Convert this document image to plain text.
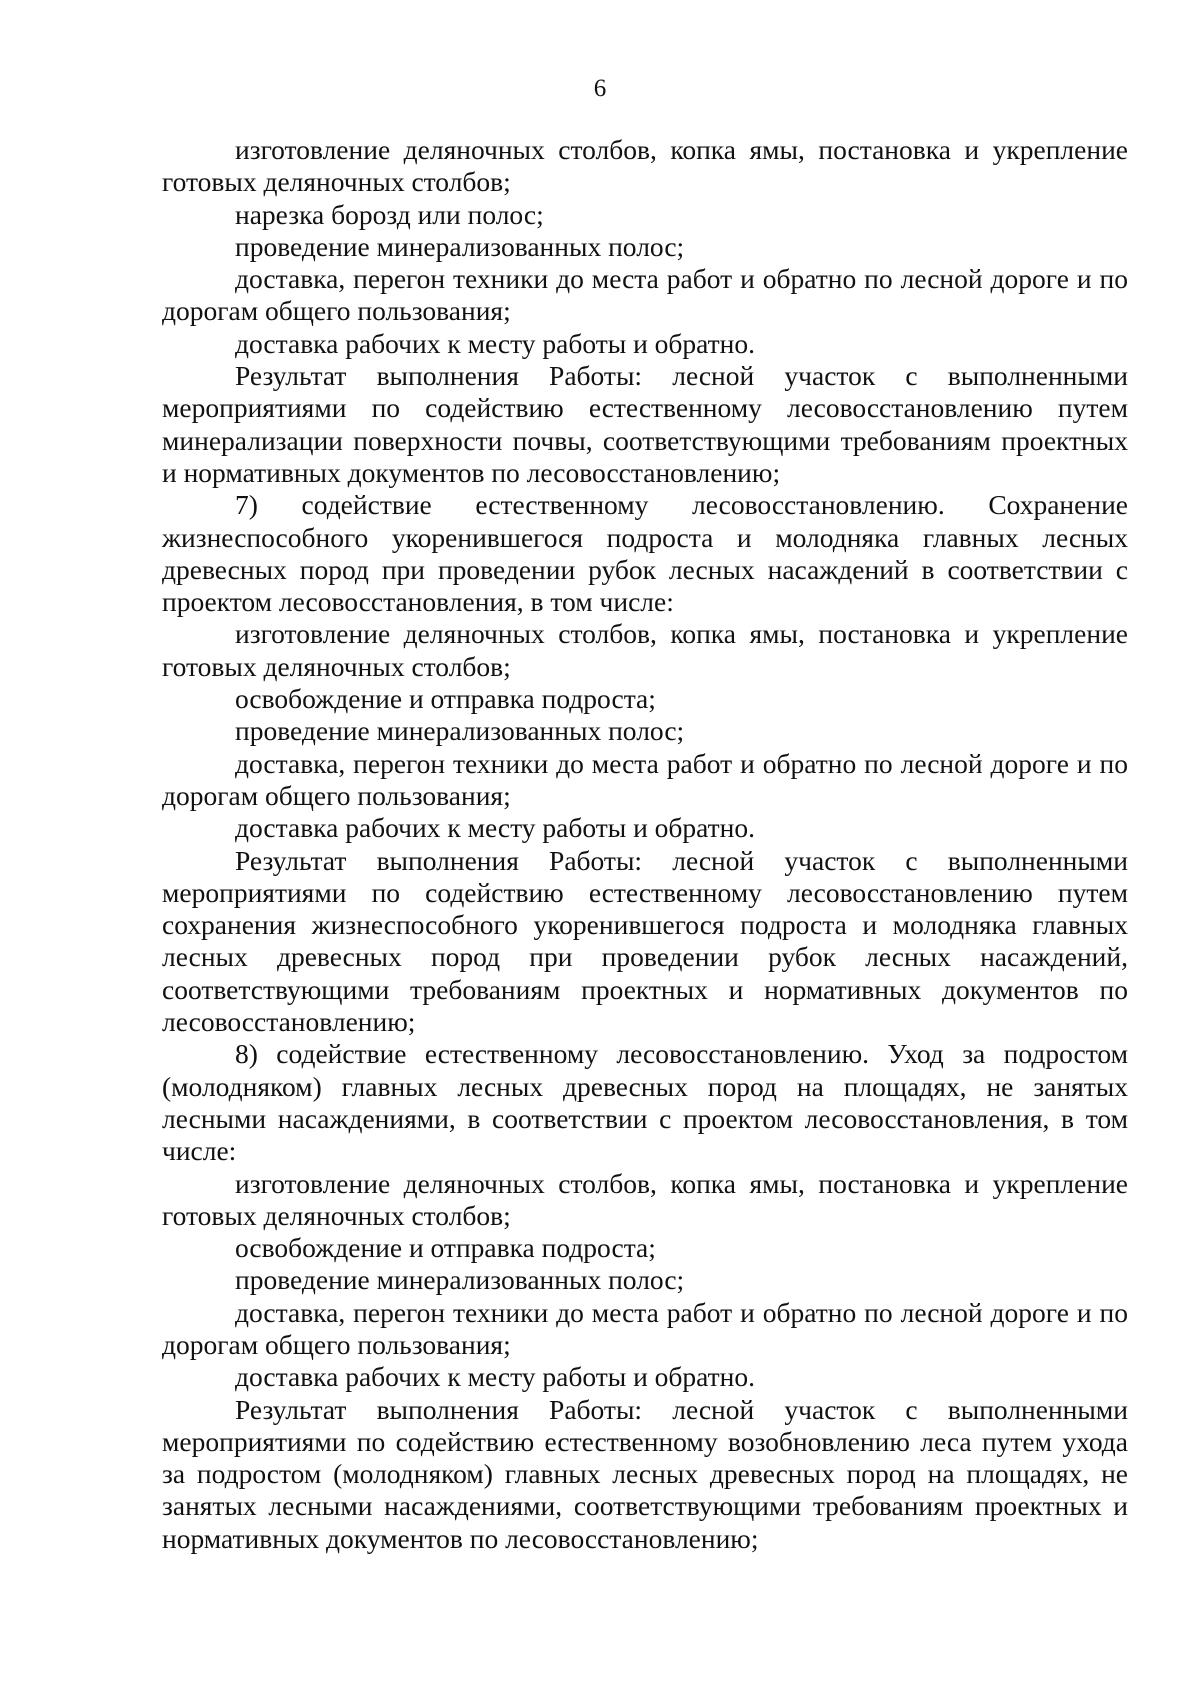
6

изготовление деляночных столбов, копка ямы, постановка и укрепление готовых деляночных столбов;

нарезка борозд или полос;

проведение минерализованных полос;

доставка, перегон техники до места работ и обратно по лесной дороге и по дорогам общего пользования;

доставка рабочих к месту работы и обратно.

Результат выполнения Работы: лесной участок с выполненными мероприятиями по содействию естественному лесовосстановлению путем минерализации поверхности почвы, соответствующими требованиям проектных и нормативных документов по лесовосстановлению;

7) содействие естественному лесовосстановлению. Сохранение жизнеспособного укоренившегося подроста и молодняка главных лесных древесных пород при проведении рубок лесных насаждений в соответствии с проектом лесовосстановления, в том числе:

изготовление деляночных столбов, копка ямы, постановка и укрепление готовых деляночных столбов;

освобождение и отправка подроста;

проведение минерализованных полос;

доставка, перегон техники до места работ и обратно по лесной дороге и по дорогам общего пользования;

доставка рабочих к месту работы и обратно.

Результат выполнения Работы: лесной участок с выполненными мероприятиями по содействию естественному лесовосстановлению путем сохранения жизнеспособного укоренившегося подроста и молодняка главных лесных древесных пород при проведении рубок лесных насаждений, соответствующими требованиям проектных и нормативных документов по лесовосстановлению;

8) содействие естественному лесовосстановлению. Уход за подростом (молодняком) главных лесных древесных пород на площадях, не занятых лесными насаждениями, в соответствии с проектом лесовосстановления, в том числе:

изготовление деляночных столбов, копка ямы, постановка и укрепление готовых деляночных столбов;

освобождение и отправка подроста;

проведение минерализованных полос;

доставка, перегон техники до места работ и обратно по лесной дороге и по дорогам общего пользования;

доставка рабочих к месту работы и обратно.

Результат выполнения Работы: лесной участок с выполненными мероприятиями по содействию естественному возобновлению леса путем ухода за подростом (молодняком) главных лесных древесных пород на площадях, не занятых лесными насаждениями, соответствующими требованиям проектных и нормативных документов по лесовосстановлению;
